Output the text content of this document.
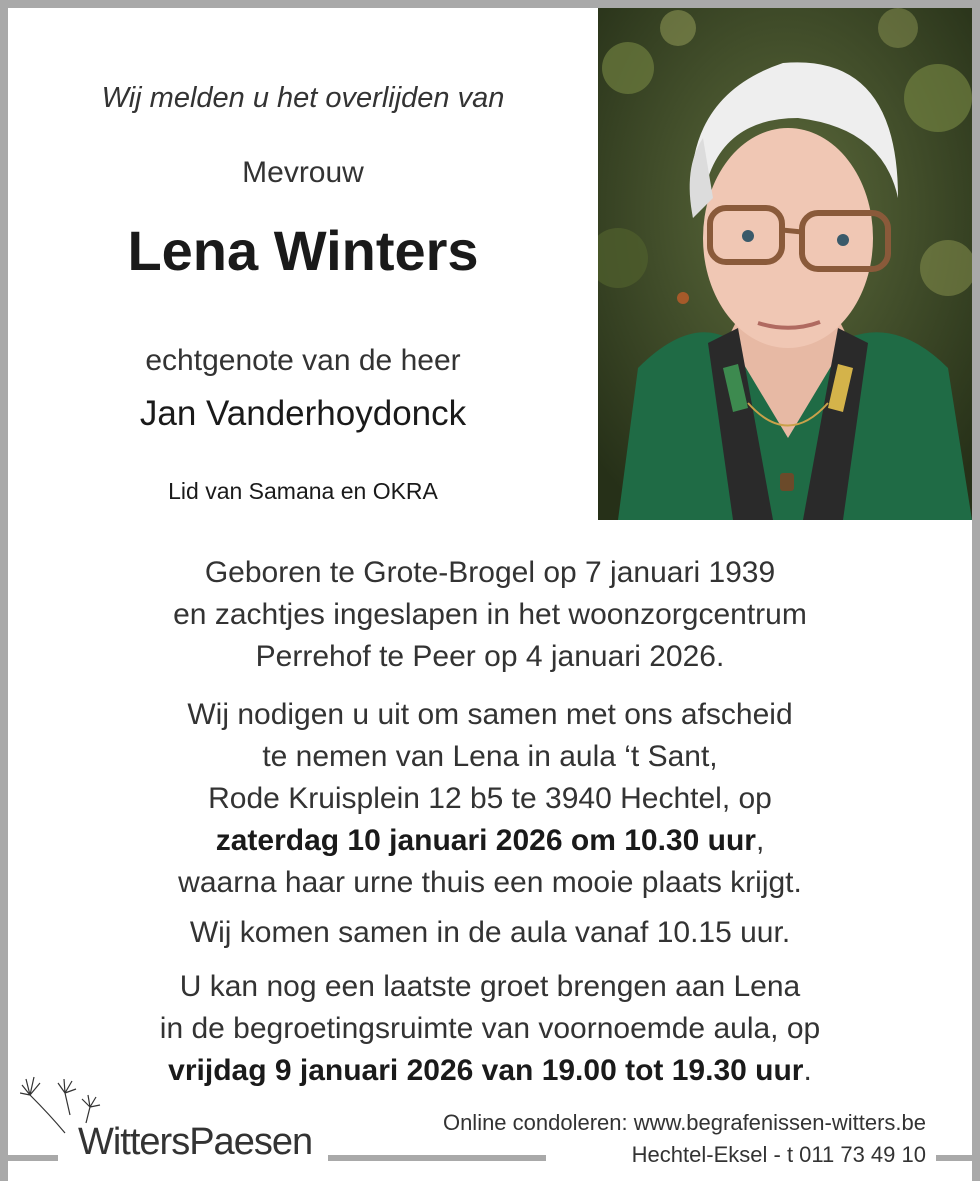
Wij melden u het overlijden van
Mevrouw
Lena Winters
echtgenote van de heer
Jan Vanderhoydonck
Lid van Samana en OKRA
Geboren te Grote-Brogel op 7 januari 1939
en zachtjes ingeslapen in het woonzorgcentrum
Perrehof te Peer op 4 januari 2026.
Wij nodigen u uit om samen met ons afscheid
te nemen van Lena in aula ‘t Sant,
Rode Kruisplein 12 b5 te 3940 Hechtel, op
zaterdag 10 januari 2026 om 10.30 uur,
waarna haar urne thuis een mooie plaats krijgt.
Wij komen samen in de aula vanaf 10.15 uur.
U kan nog een laatste groet brengen aan Lena
in de begroetingsruimte van voornoemde aula, op
vrijdag 9 januari 2026 van 19.00 tot 19.30 uur.
WittersPaesen	Online condoleren: www.begrafenissen-witters.be
Hechtel-Eksel - t 011 73 49 10
